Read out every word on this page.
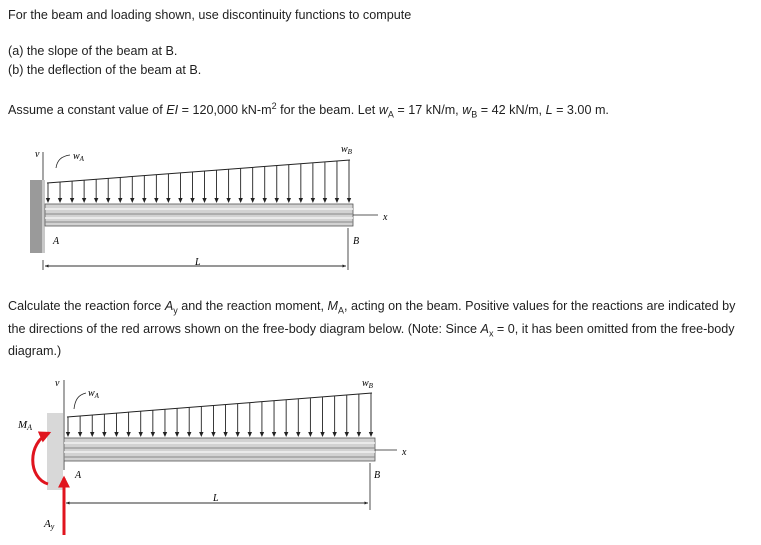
For the beam and loading shown, use discontinuity functions to compute
(a) the slope of the beam at B.
(b) the deflection of the beam at B.
Assume a constant value of EI = 120,000 $kN-m^2$ for the beam. Let $w_A = 17$ kN/m, $w_B = 42$ kN/m, L = 3.00 m.
v
x
$w_A$
$w_B$
A	B
L
Calculate the reaction force $A_y$ and the reaction moment, $M_A$, acting on the beam. Positive values for the reactions are indicated by the directions of the red arrows shown on the free-body diagram below. (Note: Since $A_x = 0$, it has been omitted from the free-body diagram.)
v
x
$w_A$
$w_B$
A	B
L
MA
Ay
